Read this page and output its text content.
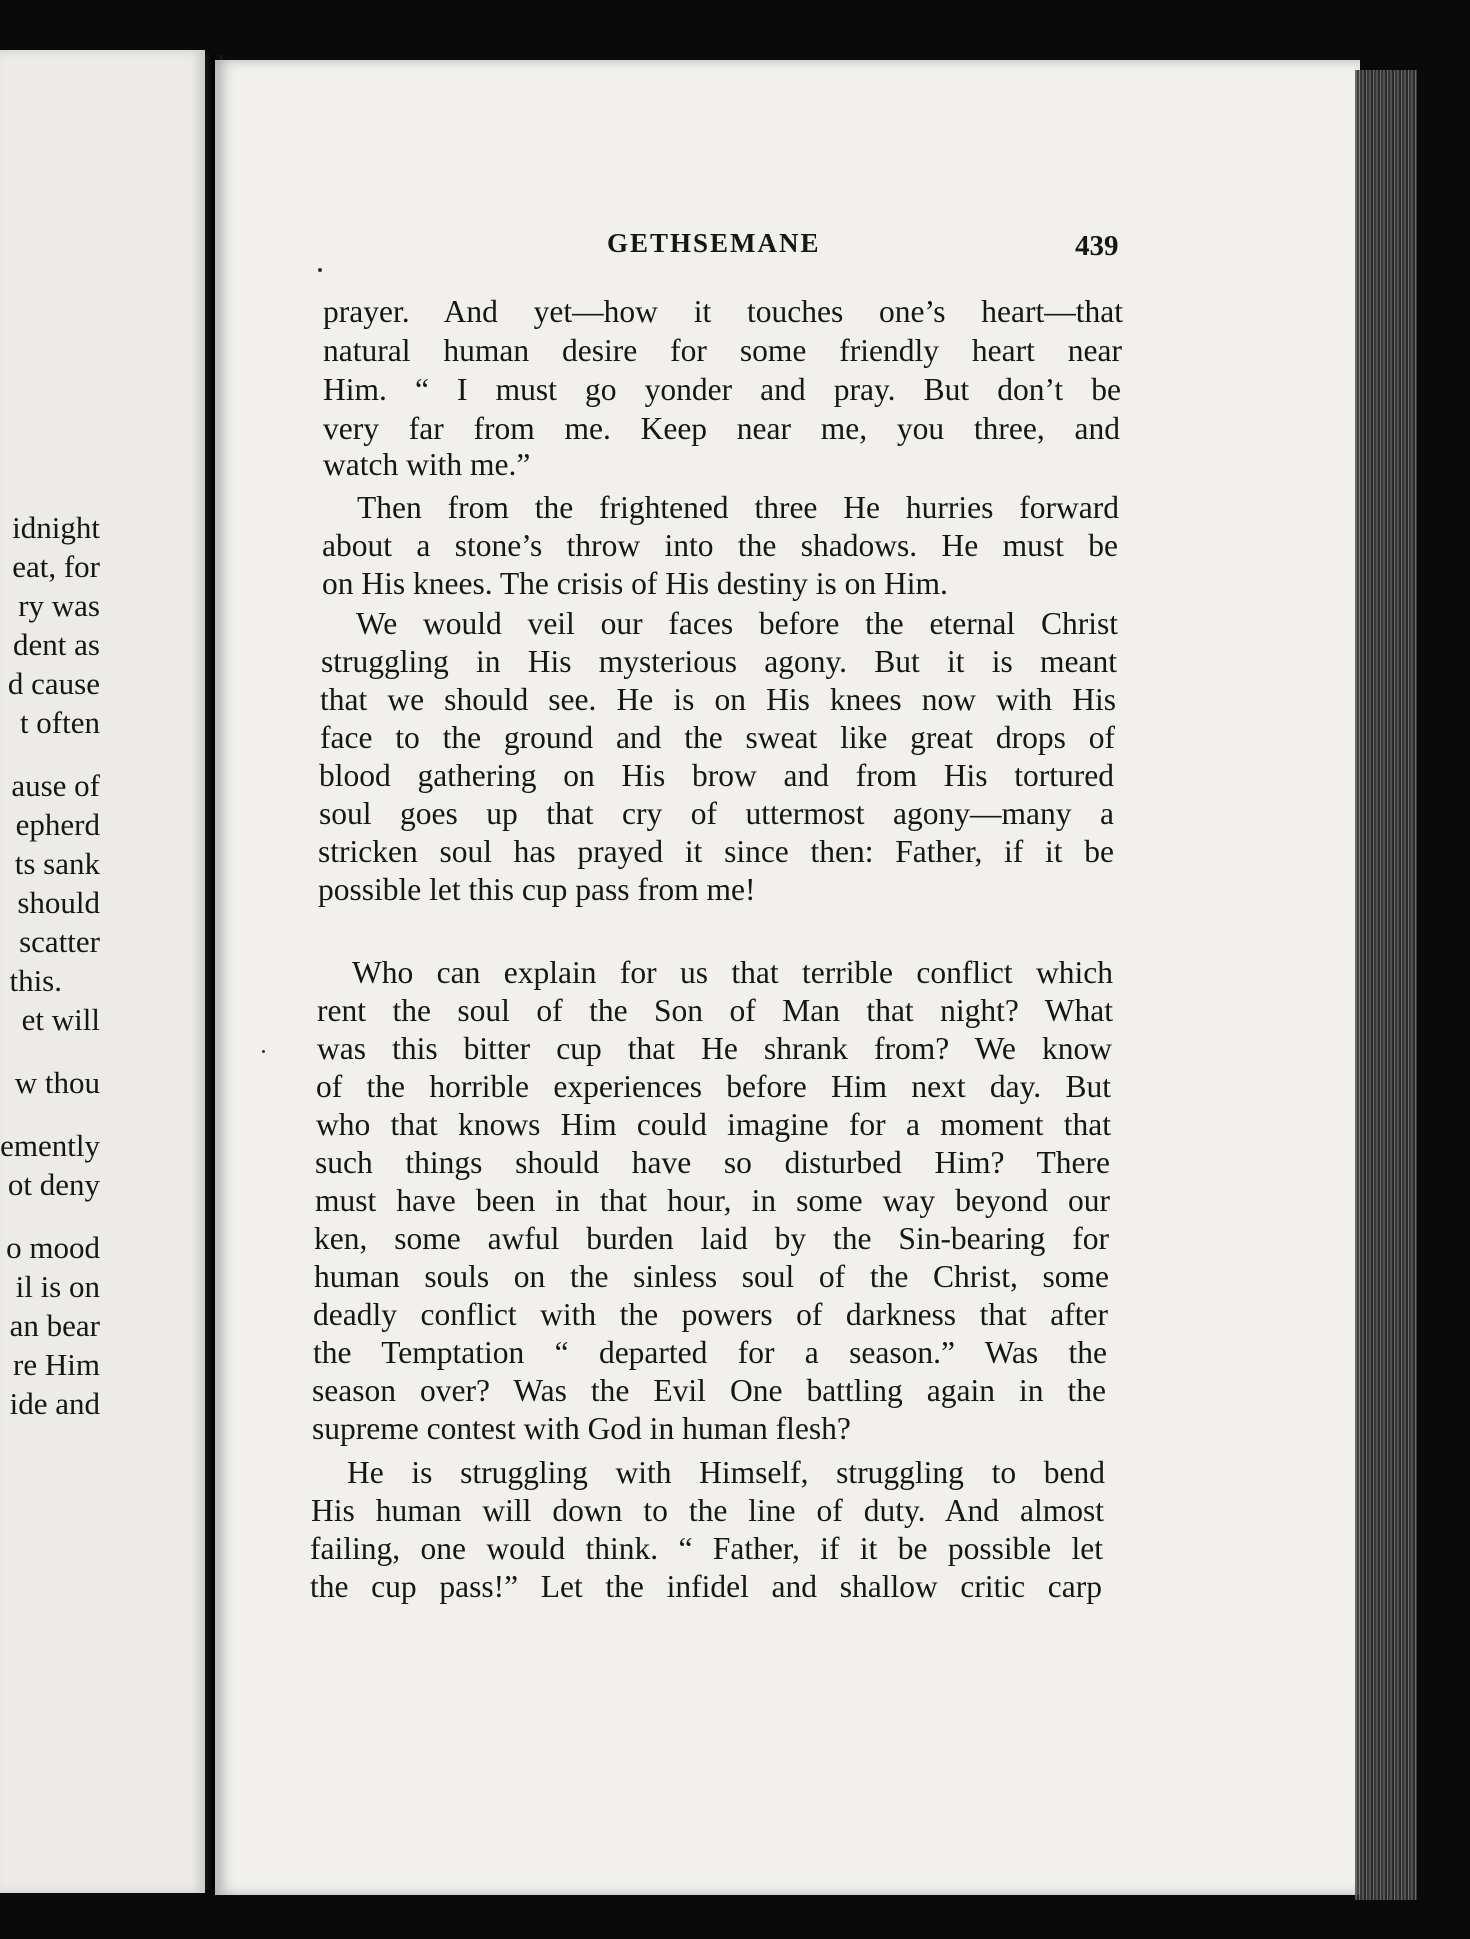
idnight
eat, for
ry was
dent as
d cause
t often
ause of
epherd
ts sank
should
scatter
this.
et will
w thou
emently
ot deny
o mood
il is on
an bear
re Him
ide and
GETHSEMANE	439
prayer. And yet—how it touches one’s heart—that
natural human desire for some friendly heart near
Him. “ I must go yonder and pray. But don’t be
very far from me. Keep near me, you three, and
watch with me.”
Then from the frightened three He hurries forward
about a stone’s throw into the shadows. He must be
on His knees. The crisis of His destiny is on Him.
We would veil our faces before the eternal Christ
struggling in His mysterious agony. But it is meant
that we should see. He is on His knees now with His
face to the ground and the sweat like great drops of
blood gathering on His brow and from His tortured
soul goes up that cry of uttermost agony—many a
stricken soul has prayed it since then: Father, if it be
possible let this cup pass from me!
Who can explain for us that terrible conflict which
rent the soul of the Son of Man that night? What
was this bitter cup that He shrank from? We know
of the horrible experiences before Him next day. But
who that knows Him could imagine for a moment that
such things should have so disturbed Him? There
must have been in that hour, in some way beyond our
ken, some awful burden laid by the Sin-bearing for
human souls on the sinless soul of the Christ, some
deadly conflict with the powers of darkness that after
the Temptation “ departed for a season.” Was the
season over? Was the Evil One battling again in the
supreme contest with God in human flesh?
He is struggling with Himself, struggling to bend
His human will down to the line of duty. And almost
failing, one would think. “ Father, if it be possible let
the cup pass!” Let the infidel and shallow critic carp
